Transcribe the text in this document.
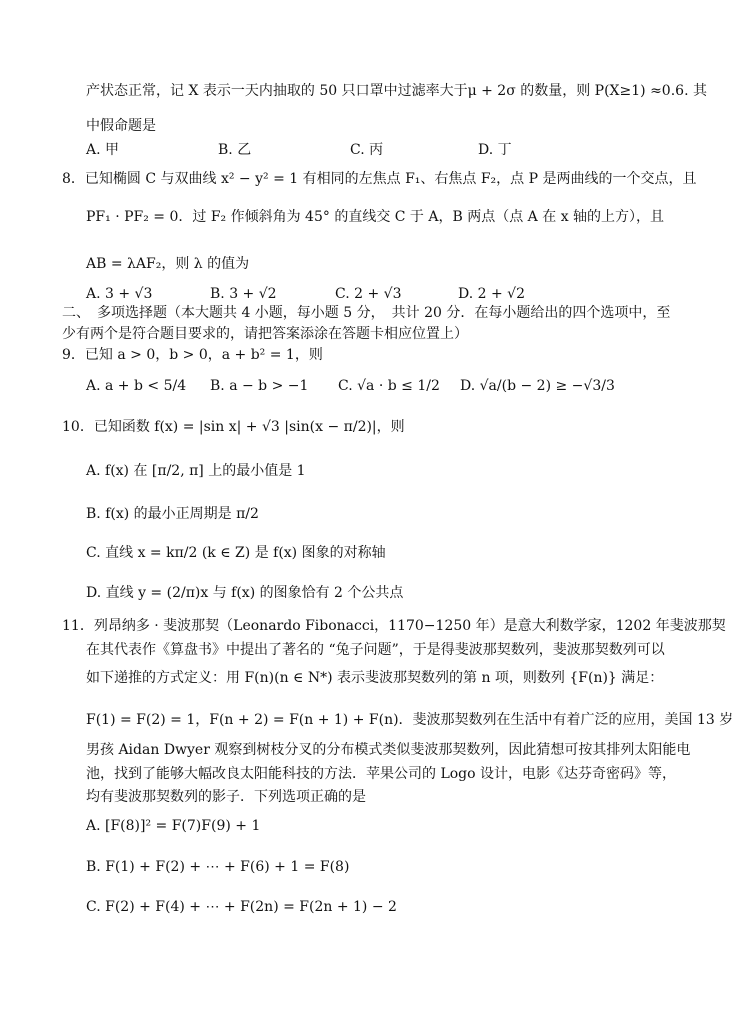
产状态正常，记 X 表示一天内抽取的 50 只口罩中过滤率大于μ + 2σ 的数量，则 P(X≥1) ≈0.6. 其
中假命题是
A. 甲	B. 乙	C. 丙	D. 丁
8．已知椭圆 C 与双曲线 x² − y² = 1 有相同的左焦点 F₁、右焦点 F₂，点 P 是两曲线的一个交点，且
PF₁ · PF₂ = 0．过 F₂ 作倾斜角为 45° 的直线交 C 于 A，B 两点（点 A 在 x 轴的上方），且
AB = λAF₂，则 λ 的值为
A. 3 + √3	B. 3 + √2	C. 2 + √3	D. 2 + √2
二、　多项选择题（本大题共 4 小题，每小题 5 分，　共计 20 分．在每小题给出的四个选项中，至
少有两个是符合题目要求的，请把答案添涂在答题卡相应位置上）
9．已知 a > 0，b > 0，a + b² = 1，则
A. a + b < 5/4 B. a − b > −1 C. √a · b ≤ 1/2 D. √a/(b − 2) ≥ −√3/3
10．已知函数 f(x) = |sin x| + √3 |sin(x − π/2)|，则
A. f(x) 在 [π/2, π] 上的最小值是 1
B. f(x) 的最小正周期是 π/2
C. 直线 x = kπ/2 (k ∈ Z) 是 f(x) 图象的对称轴
D. 直线 y = (2/π)x 与 f(x) 的图象恰有 2 个公共点
11．列昂纳多 · 斐波那契（Leonardo Fibonacci，1170−1250 年）是意大利数学家，1202 年斐波那契
在其代表作《算盘书》中提出了著名的 “兔子问题”，于是得斐波那契数列，斐波那契数列可以
如下递推的方式定义：用 F(n)(n ∈ N*) 表示斐波那契数列的第 n 项，则数列 {F(n)} 满足：
F(1) = F(2) = 1，F(n + 2) = F(n + 1) + F(n)．斐波那契数列在生活中有着广泛的应用，美国 13 岁
男孩 Aidan Dwyer 观察到树枝分叉的分布模式类似斐波那契数列，因此猜想可按其排列太阳能电
池，找到了能够大幅改良太阳能科技的方法．苹果公司的 Logo 设计，电影《达芬奇密码》等，
均有斐波那契数列的影子．下列选项正确的是
A. [F(8)]² = F(7)F(9) + 1
B. F(1) + F(2) + ⋯ + F(6) + 1 = F(8)
C. F(2) + F(4) + ⋯ + F(2n) = F(2n + 1) − 2
